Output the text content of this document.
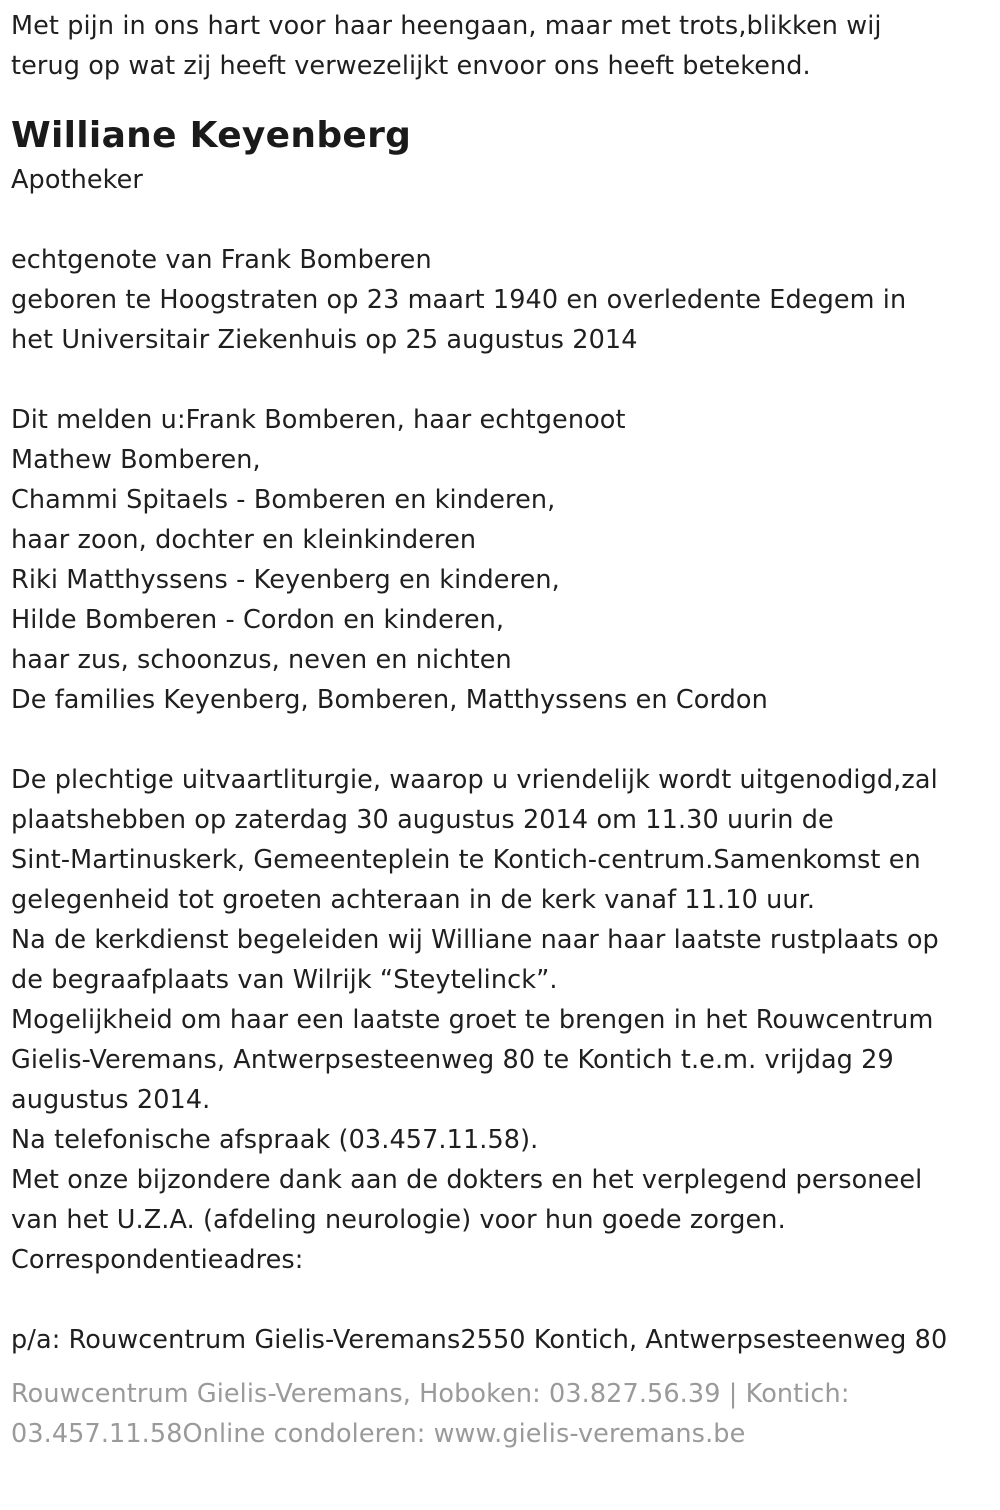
Met pijn in ons hart voor haar heengaan, maar met trots,blikken wij
terug op wat zij heeft verwezelijkt envoor ons heeft betekend.
Williane Keyenberg
Apotheker
echtgenote van Frank Bomberen
geboren te Hoogstraten op 23 maart 1940 en overledente Edegem in
het Universitair Ziekenhuis op 25 augustus 2014
Dit melden u:Frank Bomberen, haar echtgenoot
Mathew Bomberen,
Chammi Spitaels - Bomberen en kinderen,
haar zoon, dochter en kleinkinderen
Riki Matthyssens - Keyenberg en kinderen,
Hilde Bomberen - Cordon en kinderen,
haar zus, schoonzus, neven en nichten
De families Keyenberg, Bomberen, Matthyssens en Cordon
De plechtige uitvaartliturgie, waarop u vriendelijk wordt uitgenodigd,zal
plaatshebben op zaterdag 30 augustus 2014 om 11.30 uurin de
Sint-Martinuskerk, Gemeenteplein te Kontich-centrum.Samenkomst en
gelegenheid tot groeten achteraan in de kerk vanaf 11.10 uur.
Na de kerkdienst begeleiden wij Williane naar haar laatste rustplaats op
de begraafplaats van Wilrijk “Steytelinck”.
Mogelijkheid om haar een laatste groet te brengen in het Rouwcentrum
Gielis-Veremans, Antwerpsesteenweg 80 te Kontich t.e.m. vrijdag 29
augustus 2014.
Na telefonische afspraak (03.457.11.58).
Met onze bijzondere dank aan de dokters en het verplegend personeel
van het U.Z.A. (afdeling neurologie) voor hun goede zorgen.
Correspondentieadres:
p/a: Rouwcentrum Gielis-Veremans2550 Kontich, Antwerpsesteenweg 80
Rouwcentrum Gielis-Veremans, Hoboken: 03.827.56.39 | Kontich:
03.457.11.58Online condoleren: www.gielis-veremans.be
